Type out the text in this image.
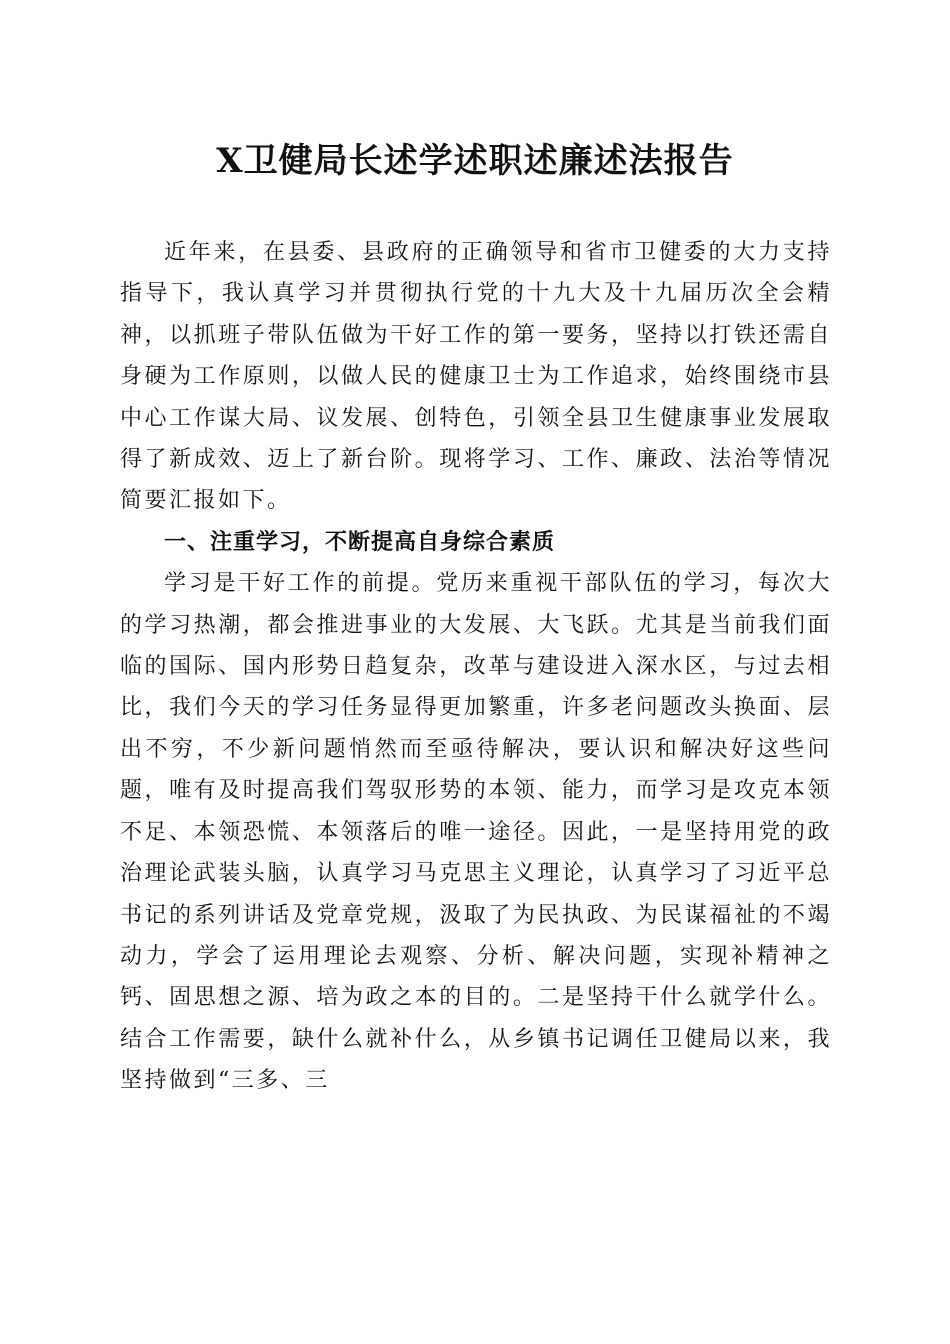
X卫健局长述学述职述廉述法报告

近年来，在县委、县政府的正确领导和省市卫健委的大力支持指导下，我认真学习并贯彻执行党的十九大及十九届历次全会精神，以抓班子带队伍做为干好工作的第一要务，坚持以打铁还需自身硬为工作原则，以做人民的健康卫士为工作追求，始终围绕市县中心工作谋大局、议发展、创特色，引领全县卫生健康事业发展取得了新成效、迈上了新台阶。现将学习、工作、廉政、法治等情况简要汇报如下。

一、注重学习，不断提高自身综合素质

学习是干好工作的前提。党历来重视干部队伍的学习，每次大的学习热潮，都会推进事业的大发展、大飞跃。尤其是当前我们面临的国际、国内形势日趋复杂，改革与建设进入深水区，与过去相比，我们今天的学习任务显得更加繁重，许多老问题改头换面、层出不穷，不少新问题悄然而至亟待解决，要认识和解决好这些问题，唯有及时提高我们驾驭形势的本领、能力，而学习是攻克本领不足、本领恐慌、本领落后的唯一途径。因此，一是坚持用党的政治理论武装头脑，认真学习马克思主义理论，认真学习了习近平总书记的系列讲话及党章党规，汲取了为民执政、为民谋福祉的不竭动力，学会了运用理论去观察、分析、解决问题，实现补精神之钙、固思想之源、培为政之本的目的。二是坚持干什么就学什么。结合工作需要，缺什么就补什么，从乡镇书记调任卫健局以来，我坚持做到“三多、三
